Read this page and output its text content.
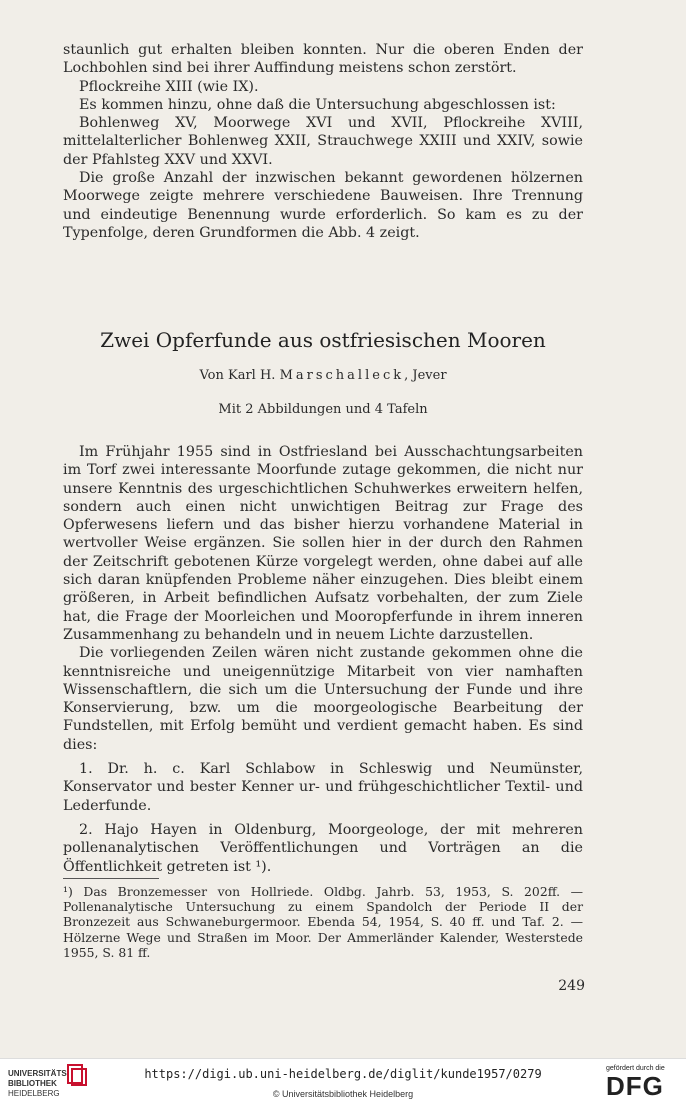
staunlich gut erhalten bleiben konnten. Nur die oberen Enden der Lochbohlen sind bei ihrer Auffindung meistens schon zerstört.

Pflockreihe XIII (wie IX).

Es kommen hinzu, ohne daß die Untersuchung abgeschlossen ist:

Bohlenweg XV, Moorwege XVI und XVII, Pflockreihe XVIII, mittelalterlicher Bohlenweg XXII, Strauchwege XXIII und XXIV, sowie der Pfahlsteg XXV und XXVI.

Die große Anzahl der inzwischen bekannt gewordenen hölzernen Moorwege zeigte mehrere verschiedene Bauweisen. Ihre Trennung und eindeutige Benennung wurde erforderlich. So kam es zu der Typenfolge, deren Grundformen die Abb. 4 zeigt.

Zwei Opferfunde aus ostfriesischen Mooren
Von Karl H. Marschalleck, Jever
Mit 2 Abbildungen und 4 Tafeln

Im Frühjahr 1955 sind in Ostfriesland bei Ausschachtungsarbeiten im Torf zwei interessante Moorfunde zutage gekommen, die nicht nur unsere Kenntnis des urgeschichtlichen Schuhwerkes erweitern helfen, sondern auch einen nicht unwichtigen Beitrag zur Frage des Opferwesens liefern und das bisher hierzu vorhandene Material in wertvoller Weise ergänzen. Sie sollen hier in der durch den Rahmen der Zeitschrift gebotenen Kürze vorgelegt werden, ohne dabei auf alle sich daran knüpfenden Probleme näher einzugehen. Dies bleibt einem größeren, in Arbeit befindlichen Aufsatz vorbehalten, der zum Ziele hat, die Frage der Moorleichen und Mooropferfunde in ihrem inneren Zusammenhang zu behandeln und in neuem Lichte darzustellen.

Die vorliegenden Zeilen wären nicht zustande gekommen ohne die kenntnisreiche und uneigennützige Mitarbeit von vier namhaften Wissenschaftlern, die sich um die Untersuchung der Funde und ihre Konservierung, bzw. um die moorgeologische Bearbeitung der Fundstellen, mit Erfolg bemüht und verdient gemacht haben. Es sind dies:

1. Dr. h. c. Karl Schlabow in Schleswig und Neumünster, Konservator und bester Kenner ur- und frühgeschichtlicher Textil- und Lederfunde.

2. Hajo Hayen in Oldenburg, Moorgeologe, der mit mehreren pollenanalytischen Veröffentlichungen und Vorträgen an die Öffentlichkeit getreten ist ¹).

¹) Das Bronzemesser von Hollriede. Oldbg. Jahrb. 53, 1953, S. 202ff. — Pollenanalytische Untersuchung zu einem Spandolch der Periode II der Bronzezeit aus Schwaneburgermoor. Ebenda 54, 1954, S. 40 ff. und Taf. 2. — Hölzerne Wege und Straßen im Moor. Der Ammerländer Kalender, Westerstede 1955, S. 81 ff.
249
UNIVERSITÄTS-
BIBLIOTHEK
HEIDELBERG
https://digi.ub.uni-heidelberg.de/diglit/kunde1957/0279
© Universitätsbibliothek Heidelberg
gefördert durch die
DFG
